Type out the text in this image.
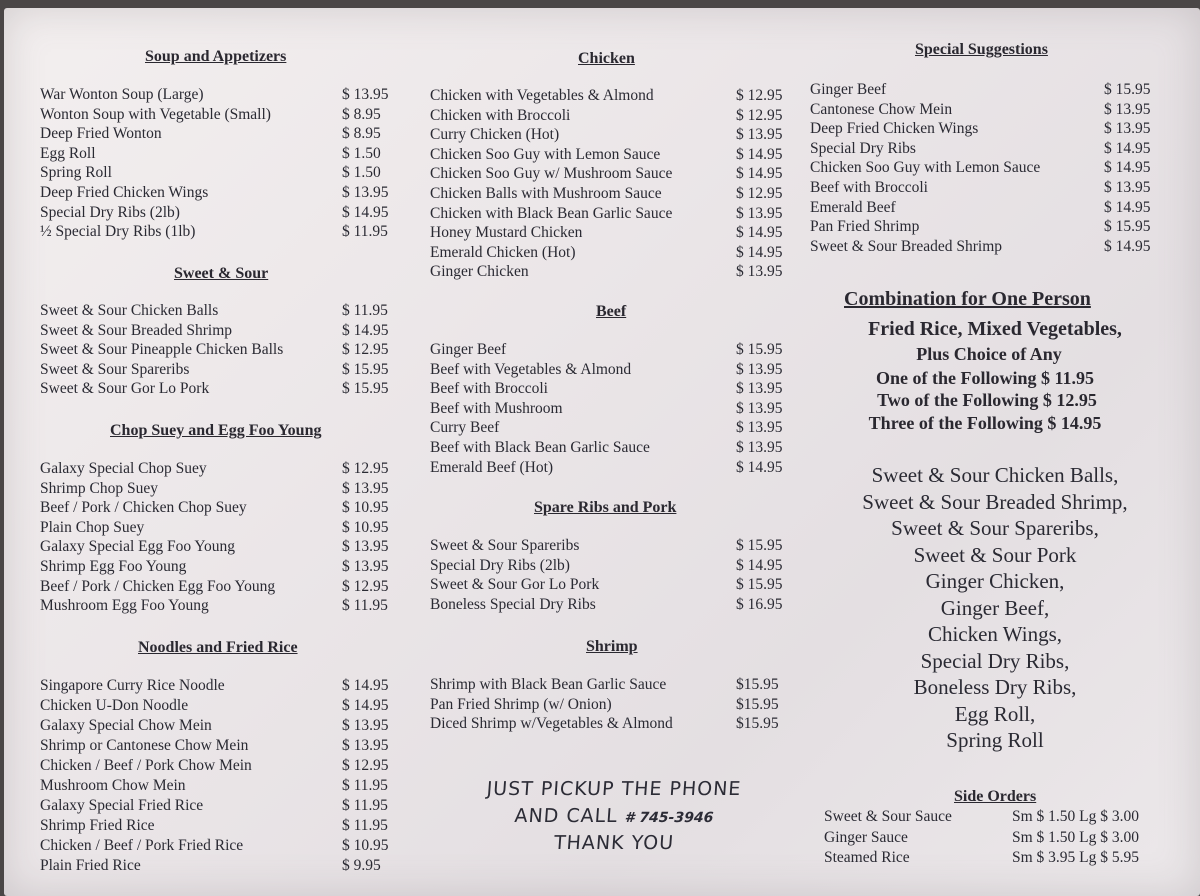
Soup and Appetizers
War Wonton Soup (Large)	$ 13.95
Wonton Soup with Vegetable (Small)	$ 8.95
Deep Fried Wonton	$ 8.95
Egg Roll	$ 1.50
Spring Roll	$ 1.50
Deep Fried Chicken Wings	$ 13.95
Special Dry Ribs (2lb)	$ 14.95
½ Special Dry Ribs (1lb)	$ 11.95
Sweet & Sour
Sweet & Sour Chicken Balls	$ 11.95
Sweet & Sour Breaded Shrimp	$ 14.95
Sweet & Sour Pineapple Chicken Balls	$ 12.95
Sweet & Sour Spareribs	$ 15.95
Sweet & Sour Gor Lo Pork	$ 15.95
Chop Suey and Egg Foo Young
Galaxy Special Chop Suey	$ 12.95
Shrimp Chop Suey	$ 13.95
Beef / Pork / Chicken Chop Suey	$ 10.95
Plain Chop Suey	$ 10.95
Galaxy Special Egg Foo Young	$ 13.95
Shrimp Egg Foo Young	$ 13.95
Beef / Pork / Chicken Egg Foo Young	$ 12.95
Mushroom Egg Foo Young	$ 11.95
Noodles and Fried Rice
Singapore Curry Rice Noodle	$ 14.95
Chicken U-Don Noodle	$ 14.95
Galaxy Special Chow Mein	$ 13.95
Shrimp or Cantonese Chow Mein	$ 13.95
Chicken / Beef / Pork Chow Mein	$ 12.95
Mushroom Chow Mein	$ 11.95
Galaxy Special Fried Rice	$ 11.95
Shrimp Fried Rice	$ 11.95
Chicken / Beef / Pork Fried Rice	$ 10.95
Plain Fried Rice	$ 9.95
Chicken
Chicken with Vegetables & Almond	$ 12.95
Chicken with Broccoli	$ 12.95
Curry Chicken (Hot)	$ 13.95
Chicken Soo Guy with Lemon Sauce	$ 14.95
Chicken Soo Guy w/ Mushroom Sauce	$ 14.95
Chicken Balls with Mushroom Sauce	$ 12.95
Chicken with Black Bean Garlic Sauce	$ 13.95
Honey Mustard Chicken	$ 14.95
Emerald Chicken (Hot)	$ 14.95
Ginger Chicken	$ 13.95
Beef
Ginger Beef	$ 15.95
Beef with Vegetables & Almond	$ 13.95
Beef with Broccoli	$ 13.95
Beef with Mushroom	$ 13.95
Curry Beef	$ 13.95
Beef with Black Bean Garlic Sauce	$ 13.95
Emerald Beef (Hot)	$ 14.95
Spare Ribs and Pork
Sweet & Sour Spareribs	$ 15.95
Special Dry Ribs (2lb)	$ 14.95
Sweet & Sour Gor Lo Pork	$ 15.95
Boneless Special Dry Ribs	$ 16.95
Shrimp
Shrimp with Black Bean Garlic Sauce	$15.95
Pan Fried Shrimp (w/ Onion)	$15.95
Diced Shrimp w/Vegetables & Almond	$15.95
JUST PICKUP THE PHONE
AND CALL # 745-3946
THANK YOU
Special Suggestions
Ginger Beef	$ 15.95
Cantonese Chow Mein	$ 13.95
Deep Fried Chicken Wings	$ 13.95
Special Dry Ribs	$ 14.95
Chicken Soo Guy with Lemon Sauce	$ 14.95
Beef with Broccoli	$ 13.95
Emerald Beef	$ 14.95
Pan Fried Shrimp	$ 15.95
Sweet & Sour Breaded Shrimp	$ 14.95
Combination for One Person
Fried Rice, Mixed Vegetables,
Plus Choice of Any
One of the Following $ 11.95
Two of the Following $ 12.95
Three of the Following $ 14.95
Sweet & Sour Chicken Balls,
Sweet & Sour Breaded Shrimp,
Sweet & Sour Spareribs,
Sweet & Sour Pork
Ginger Chicken,
Ginger Beef,
Chicken Wings,
Special Dry Ribs,
Boneless Dry Ribs,
Egg Roll,
Spring Roll
Side Orders
Sweet & Sour Sauce	Sm $ 1.50 Lg $ 3.00
Ginger Sauce	Sm $ 1.50 Lg $ 3.00
Steamed Rice	Sm $ 3.95 Lg $ 5.95
